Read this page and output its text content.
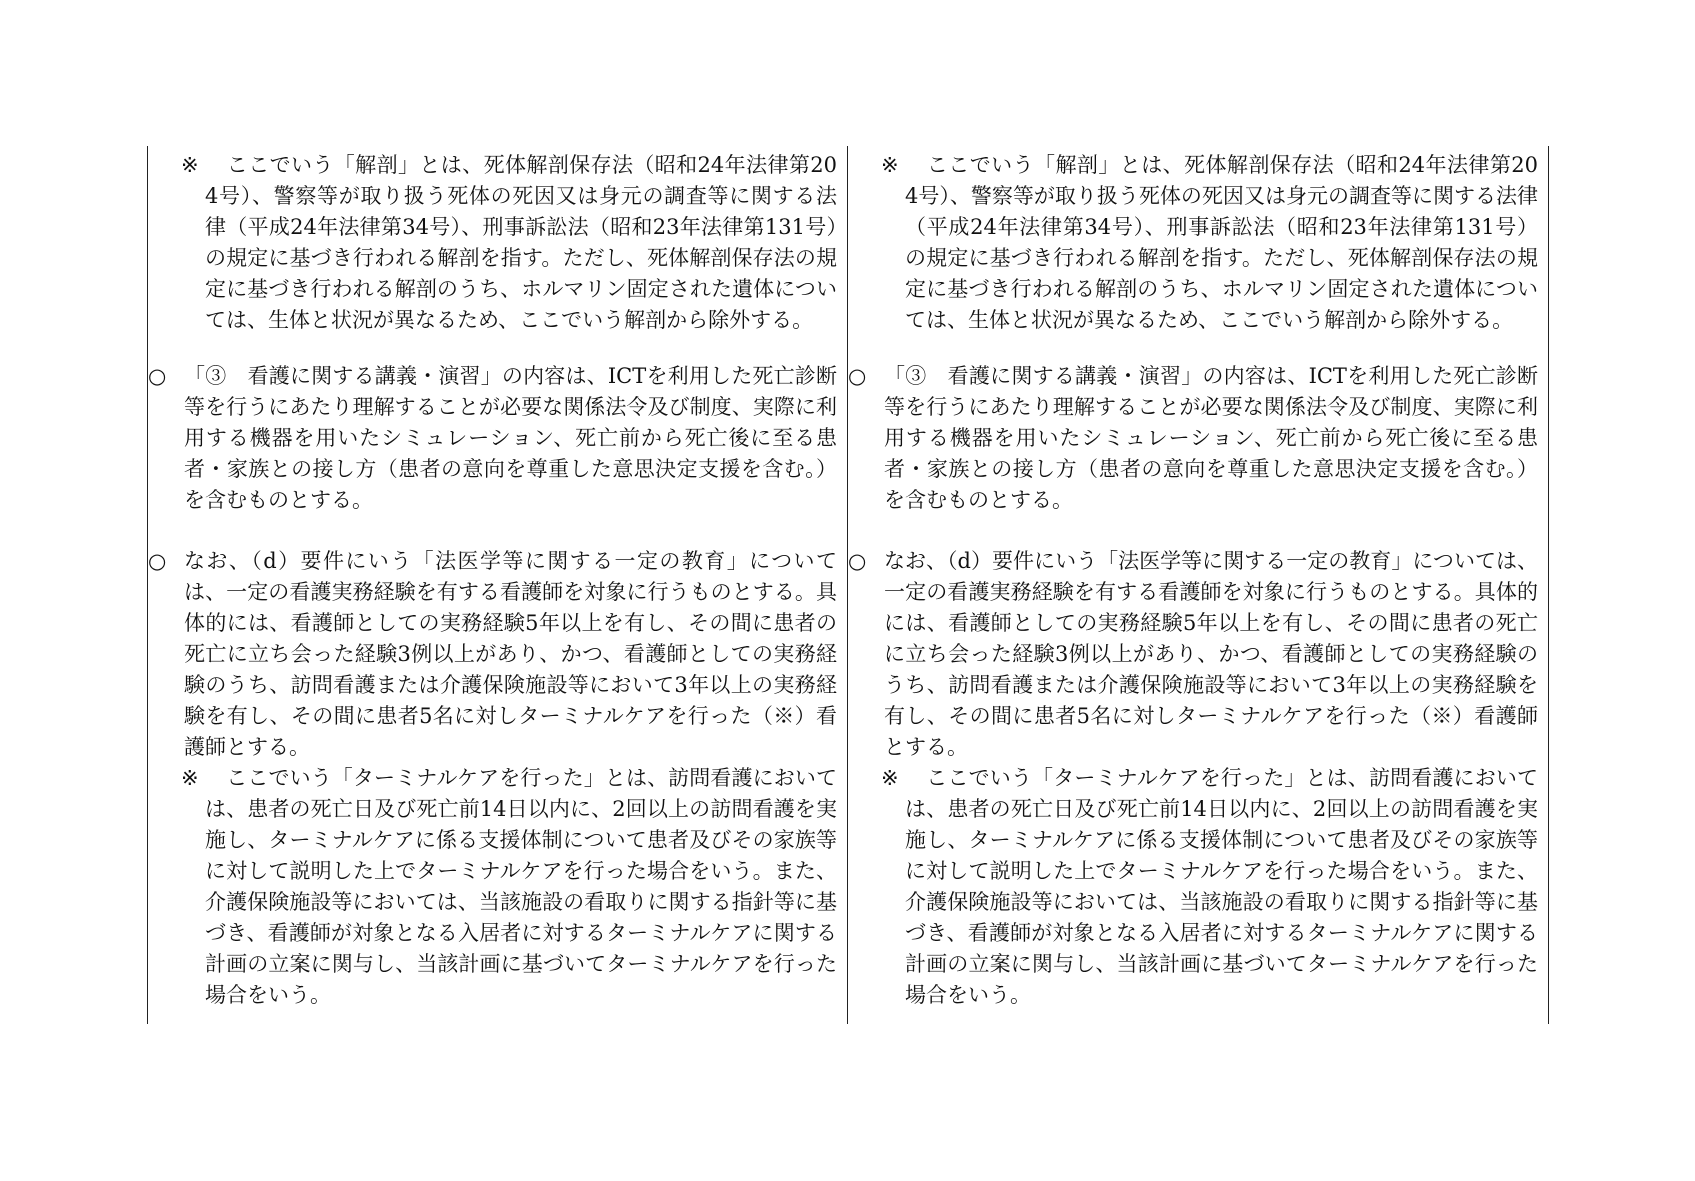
※　ここでいう「解剖」とは、死体解剖保存法（昭和24年法律第204号）、警察等が取り扱う死体の死因又は身元の調査等に関する法律（平成24年法律第34号）、刑事訴訟法（昭和23年法律第131号）の規定に基づき行われる解剖を指す。ただし、死体解剖保存法の規定に基づき行われる解剖のうち、ホルマリン固定された遺体については、生体と状況が異なるため、ここでいう解剖から除外する。
○ 「③　看護に関する講義・演習」の内容は、ICTを利用した死亡診断等を行うにあたり理解することが必要な関係法令及び制度、実際に利用する機器を用いたシミュレーション、死亡前から死亡後に至る患者・家族との接し方（患者の意向を尊重した意思決定支援を含む。）を含むものとする。
○ なお、（d）要件にいう「法医学等に関する一定の教育」については、一定の看護実務経験を有する看護師を対象に行うものとする。具体的には、看護師としての実務経験5年以上を有し、その間に患者の死亡に立ち会った経験3例以上があり、かつ、看護師としての実務経験のうち、訪問看護または介護保険施設等において3年以上の実務経験を有し、その間に患者5名に対しターミナルケアを行った（※）看護師とする。
※　ここでいう「ターミナルケアを行った」とは、訪問看護においては、患者の死亡日及び死亡前14日以内に、2回以上の訪問看護を実施し、ターミナルケアに係る支援体制について患者及びその家族等に対して説明した上でターミナルケアを行った場合をいう。また、介護保険施設等においては、当該施設の看取りに関する指針等に基づき、看護師が対象となる入居者に対するターミナルケアに関する計画の立案に関与し、当該計画に基づいてターミナルケアを行った場合をいう。
※　ここでいう「解剖」とは、死体解剖保存法（昭和24年法律第204号）、警察等が取り扱う死体の死因又は身元の調査等に関する法律（平成24年法律第34号）、刑事訴訟法（昭和23年法律第131号）の規定に基づき行われる解剖を指す。ただし、死体解剖保存法の規定に基づき行われる解剖のうち、ホルマリン固定された遺体については、生体と状況が異なるため、ここでいう解剖から除外する。
○ 「③　看護に関する講義・演習」の内容は、ICTを利用した死亡診断等を行うにあたり理解することが必要な関係法令及び制度、実際に利用する機器を用いたシミュレーション、死亡前から死亡後に至る患者・家族との接し方（患者の意向を尊重した意思決定支援を含む。）を含むものとする。
○ なお、（d）要件にいう「法医学等に関する一定の教育」については、一定の看護実務経験を有する看護師を対象に行うものとする。具体的には、看護師としての実務経験5年以上を有し、その間に患者の死亡に立ち会った経験3例以上があり、かつ、看護師としての実務経験のうち、訪問看護または介護保険施設等において3年以上の実務経験を有し、その間に患者5名に対しターミナルケアを行った（※）看護師とする。
※　ここでいう「ターミナルケアを行った」とは、訪問看護においては、患者の死亡日及び死亡前14日以内に、2回以上の訪問看護を実施し、ターミナルケアに係る支援体制について患者及びその家族等に対して説明した上でターミナルケアを行った場合をいう。また、介護保険施設等においては、当該施設の看取りに関する指針等に基づき、看護師が対象となる入居者に対するターミナルケアに関する計画の立案に関与し、当該計画に基づいてターミナルケアを行った場合をいう。
